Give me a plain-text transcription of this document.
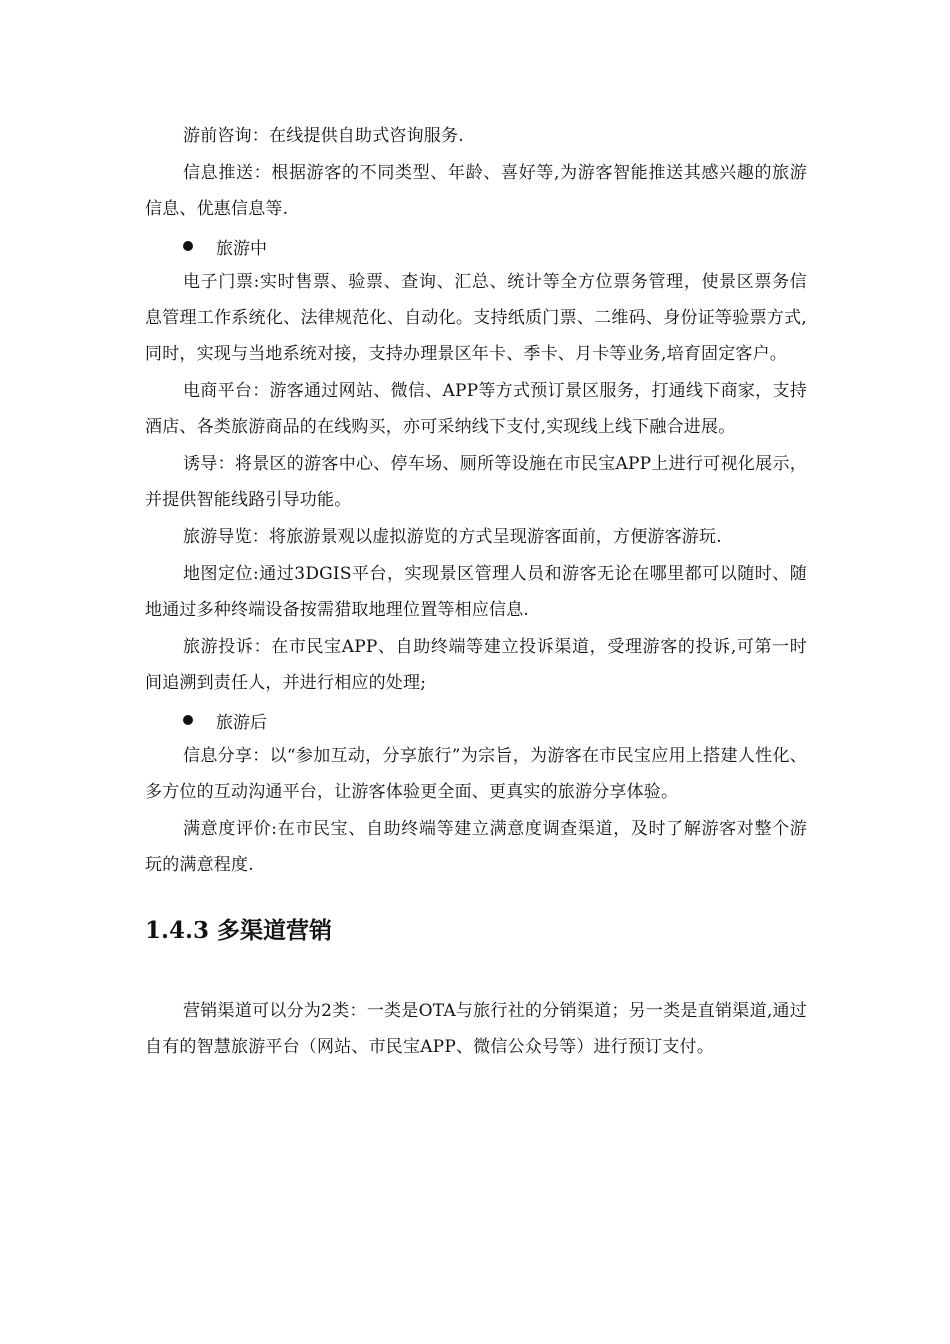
游前咨询：在线提供自助式咨询服务.

信息推送：根据游客的不同类型、年龄、喜好等,为游客智能推送其感兴趣的旅游信息、优惠信息等.

旅游中

电子门票:实时售票、验票、查询、汇总、统计等全方位票务管理，使景区票务信息管理工作系统化、法律规范化、自动化。支持纸质门票、二维码、身份证等验票方式,同时，实现与当地系统对接，支持办理景区年卡、季卡、月卡等业务,培育固定客户。

电商平台：游客通过网站、微信、APP等方式预订景区服务，打通线下商家，支持酒店、各类旅游商品的在线购买，亦可采纳线下支付,实现线上线下融合进展。

诱导：将景区的游客中心、停车场、厕所等设施在市民宝APP上进行可视化展示，并提供智能线路引导功能。

旅游导览：将旅游景观以虚拟游览的方式呈现游客面前，方便游客游玩.

地图定位:通过3DGIS平台，实现景区管理人员和游客无论在哪里都可以随时、随地通过多种终端设备按需猎取地理位置等相应信息.

旅游投诉：在市民宝APP、自助终端等建立投诉渠道，受理游客的投诉,可第一时间追溯到责任人，并进行相应的处理;

旅游后

信息分享：以“参加互动，分享旅行”为宗旨，为游客在市民宝应用上搭建人性化、多方位的互动沟通平台，让游客体验更全面、更真实的旅游分享体验。

满意度评价:在市民宝、自助终端等建立满意度调查渠道，及时了解游客对整个游玩的满意程度.

1.4.3 多渠道营销

营销渠道可以分为2类：一类是OTA与旅行社的分销渠道；另一类是直销渠道,通过自有的智慧旅游平台（网站、市民宝APP、微信公众号等）进行预订支付。
